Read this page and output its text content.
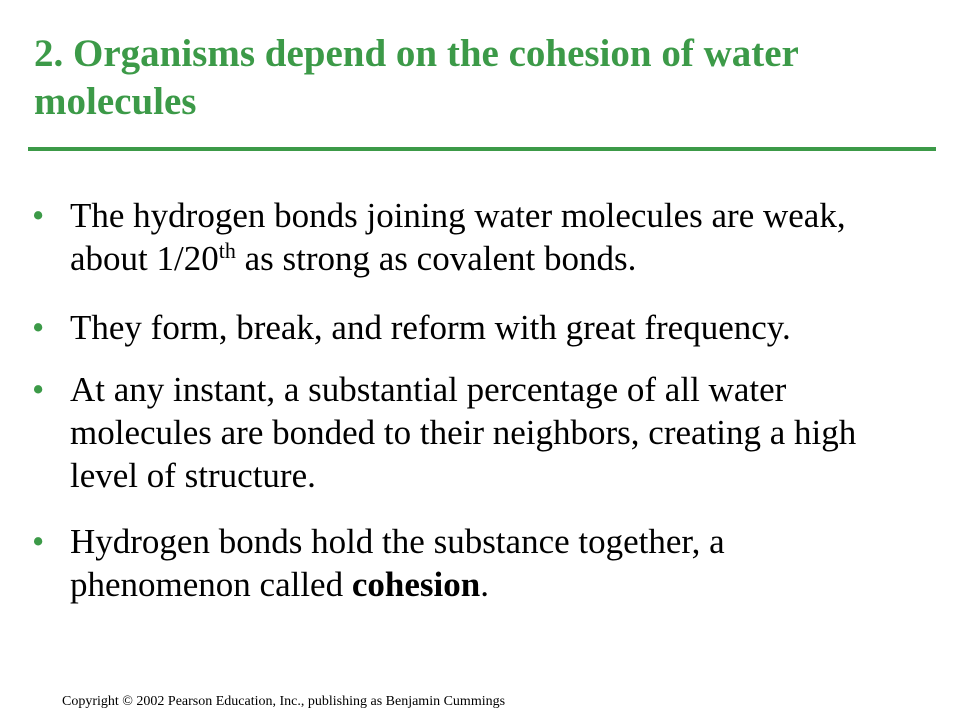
2. Organisms depend on the cohesion of water molecules
• The hydrogen bonds joining water molecules are weak, about 1/20th as strong as covalent bonds.
• They form, break, and reform with great frequency.
• At any instant, a substantial percentage of all water molecules are bonded to their neighbors, creating a high level of structure.
• Hydrogen bonds hold the substance together, a phenomenon called cohesion.
Copyright © 2002 Pearson Education, Inc., publishing as Benjamin Cummings
